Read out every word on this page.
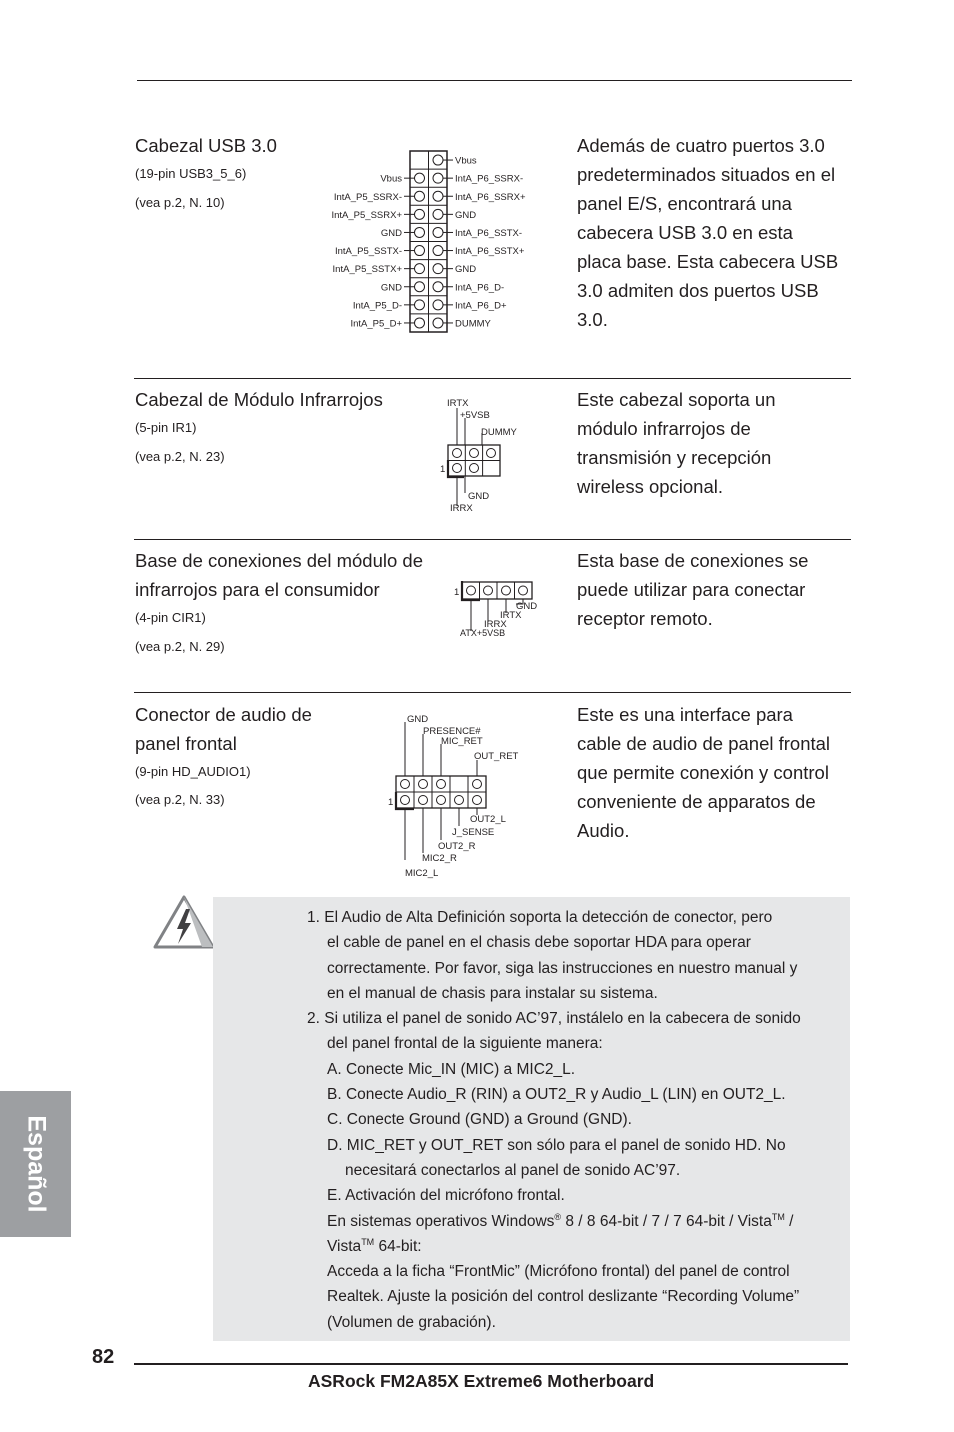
Cabezal USB 3.0
(19-pin USB3_5_6)
(vea p.2, N. 10)
Además de cuatro puertos 3.0
predeterminados situados en el
panel E/S, encontrará una
cabecera USB 3.0 en esta
placa base. Esta cabecera USB
3.0 admiten dos puertos USB
3.0.
Vbus
IntA_P5_SSRX-
IntA_P5_SSRX+
GND
IntA_P5_SSTX-
IntA_P5_SSTX+
GND
IntA_P5_D-
IntA_P5_D+
Vbus
IntA_P6_SSRX-
IntA_P6_SSRX+
GND
IntA_P6_SSTX-
IntA_P6_SSTX+
GND
IntA_P6_D-
IntA_P6_D+
DUMMY
Cabezal de Módulo Infrarrojos
(5-pin IR1)
(vea p.2, N. 23)
Este cabezal soporta un
módulo infrarrojos de
transmisión y recepción
wireless opcional.
IRTX
+5VSB
DUMMY
1
GND
IRRX
Base de conexiones del módulo de
infrarrojos para el consumidor
(4-pin CIR1)
(vea p.2, N. 29)
Esta base de conexiones se
puede utilizar para conectar
receptor remoto.
1
GND
IRTX
IRRX
ATX+5VSB
Conector de audio de
panel frontal
(9-pin HD_AUDIO1)
(vea p.2, N. 33)
Este es una interface para
cable de audio de panel frontal
que permite conexión y control
conveniente de apparatos de
Audio.
GND
PRESENCE#
MIC_RET
OUT_RET
1
OUT2_L
J_SENSE
OUT2_R
MIC2_R
MIC2_L
1. El Audio de Alta Definición soporta la detección de conector, pero
el cable de panel en el chasis debe soportar HDA para operar
correctamente. Por favor, siga las instrucciones en nuestro manual y
en el manual de chasis para instalar su sistema.
2. Si utiliza el panel de sonido AC’97, instálelo en la cabecera de sonido
del panel frontal de la siguiente manera:
A. Conecte Mic_IN (MIC) a MIC2_L.
B. Conecte Audio_R (RIN) a OUT2_R y Audio_L (LIN) en OUT2_L.
C. Conecte Ground (GND) a Ground (GND).
D. MIC_RET y OUT_RET son sólo para el panel de sonido HD. No
necesitará conectarlos al panel de sonido AC’97.
E. Activación del micrófono frontal.
En sistemas operativos Windows® 8 / 8 64-bit / 7 / 7 64-bit / Vista™ /
Vista™ 64-bit:
Acceda a la ficha “FrontMic” (Micrófono frontal) del panel de control
Realtek. Ajuste la posición del control deslizante “Recording Volume”
(Volumen de grabación).
Español
82
ASRock FM2A85X Extreme6 Motherboard
